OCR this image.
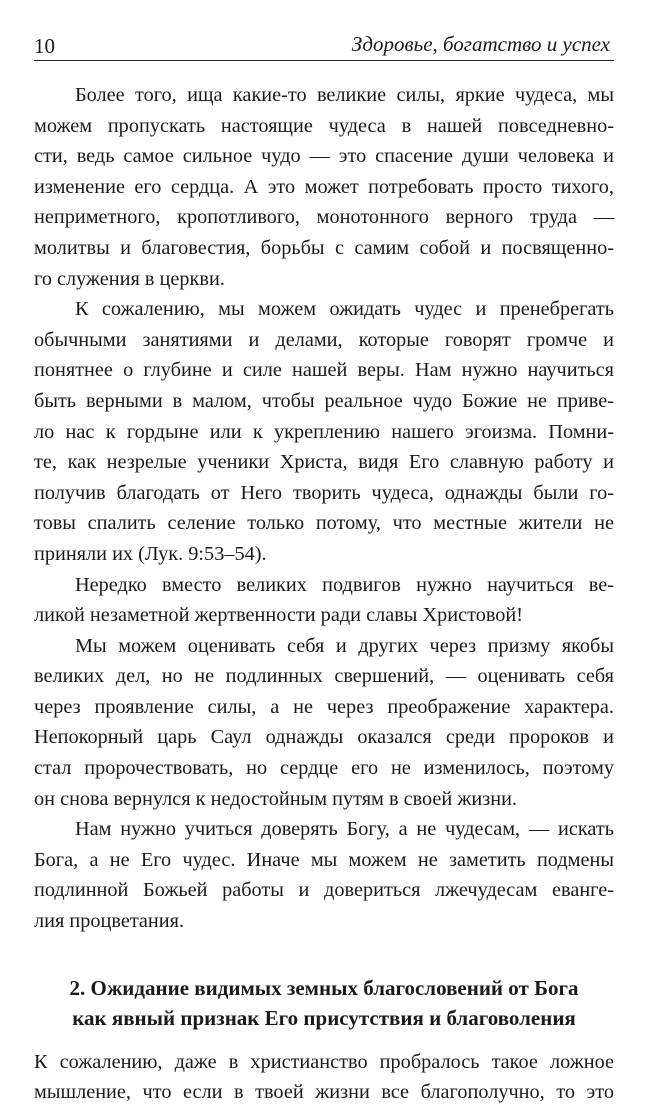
10	Здоровье, богатство и успех
Более того, ища какие-то великие силы, яркие чудеса, мы
можем пропускать настоящие чудеса в нашей повседневно-
сти, ведь самое сильное чудо — это спасение души человека и
изменение его сердца. А это может потребовать просто тихого,
неприметного, кропотливого, монотонного верного труда —
молитвы и благовестия, борьбы с самим собой и посвященно-
го служения в церкви.
К сожалению, мы можем ожидать чудес и пренебрегать
обычными занятиями и делами, которые говорят громче и
понятнее о глубине и силе нашей веры. Нам нужно научиться
быть верными в малом, чтобы реальное чудо Божие не приве-
ло нас к гордыне или к укреплению нашего эгоизма. Помни-
те, как незрелые ученики Христа, видя Его славную работу и
получив благодать от Него творить чудеса, однажды были го-
товы спалить селение только потому, что местные жители не
приняли их (Лук. 9:53–54).
Нередко вместо великих подвигов нужно научиться ве-
ликой незаметной жертвенности ради славы Христовой!
Мы можем оценивать себя и других через призму якобы
великих дел, но не подлинных свершений, — оценивать себя
через проявление силы, а не через преображение характера.
Непокорный царь Саул однажды оказался среди пророков и
стал пророчествовать, но сердце его не изменилось, поэтому
он снова вернулся к недостойным путям в своей жизни.
Нам нужно учиться доверять Богу, а не чудесам, — искать
Бога, а не Его чудес. Иначе мы можем не заметить подмены
подлинной Божьей работы и довериться лжечудесам еванге-
лия процветания.
2. Ожидание видимых земных благословений от Бога
как явный признак Его присутствия и благоволения
К сожалению, даже в христианство пробралось такое ложное
мышление, что если в твоей жизни все благополучно, то это
